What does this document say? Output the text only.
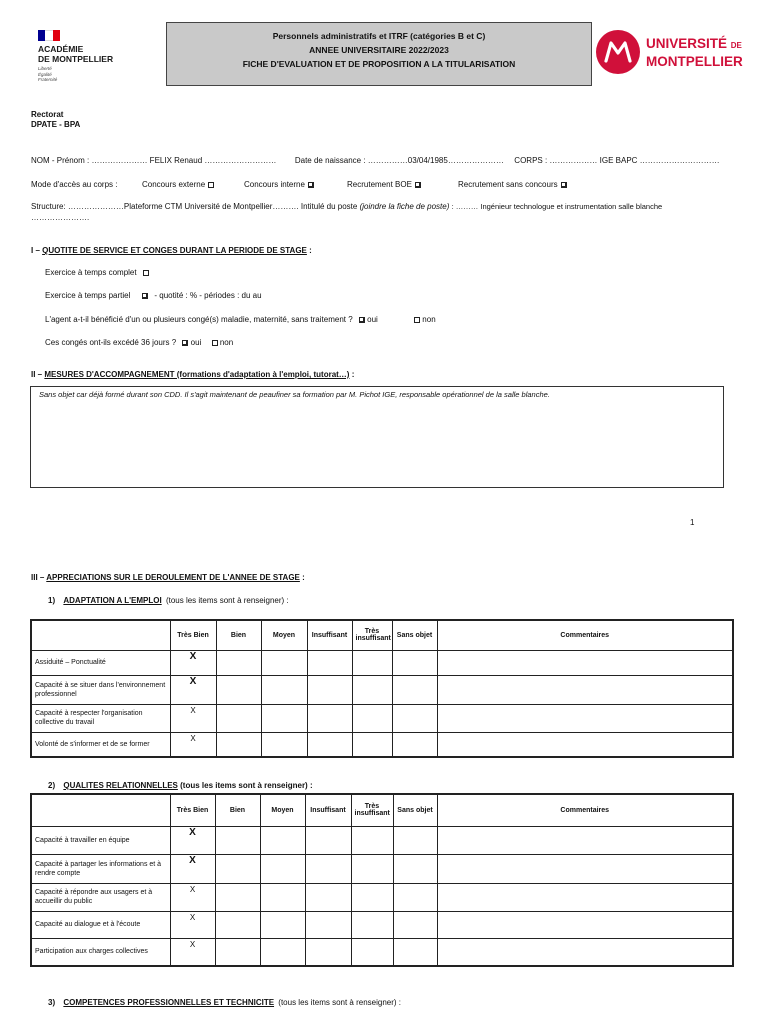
ACADÉMIE
DE MONTPELLIER
Liberté
Égalité
Fraternité
Personnels administratifs et ITRF (catégories B et C)
ANNEE UNIVERSITAIRE 2022/2023
FICHE D'EVALUATION ET DE PROPOSITION A LA TITULARISATION
UNIVERSITÉ DE
MONTPELLIER
Rectorat
DPATE - BPA
NOM - Prénom : ………………… FELIX Renaud ……………………… Date de naissance : ……………03/04/1985………………… CORPS : ……………… IGE BAPC …………………………
Mode d'accès au corps :	Concours externe	Concours interne	Recrutement BOE	Recrutement sans concours
Structure: …………………Plateforme CTM Université de Montpellier………. Intitulé du poste (joindre la fiche de poste) : ……… Ingénieur technologue et instrumentation salle blanche
………………….
I – QUOTITE DE SERVICE ET CONGES DURANT LA PERIODE DE STAGE :
Exercice à temps complet
Exercice à temps partiel	- quotité : % - périodes : du au
L'agent a-t-il bénéficié d'un ou plusieurs congé(s) maladie, maternité, sans traitement ? oui	non
Ces congés ont-ils excédé 36 jours ? oui non
II – MESURES D'ACCOMPAGNEMENT (formations d'adaptation à l'emploi, tutorat…) :
Sans objet car déjà formé durant son CDD. Il s'agit maintenant de peaufiner sa formation par M. Pichot IGE, responsable opérationnel de la salle blanche.
1
III – APPRECIATIONS SUR LE DEROULEMENT DE L'ANNEE DE STAGE :
1) ADAPTATION A L'EMPLOI (tous les items sont à renseigner) :
	Très Bien	Bien	Moyen	Insuffisant	Très insuffisant	Sans objet	Commentaires
Assiduité – Ponctualité	X						
Capacité à se situer dans l'environnement professionnel	X						
Capacité à respecter l'organisation collective du travail	X						
Volonté de s'informer et de se former	X						
2) QUALITES RELATIONNELLES (tous les items sont à renseigner) :
	Très Bien	Bien	Moyen	Insuffisant	Très insuffisant	Sans objet	Commentaires
Capacité à travailler en équipe	X						
Capacité à partager les informations et à rendre compte	X						
Capacité à répondre aux usagers et à accueillir du public	X						
Capacité au dialogue et à l'écoute	X						
Participation aux charges collectives	X						
3) COMPETENCES PROFESSIONNELLES ET TECHNICITE (tous les items sont à renseigner) :
